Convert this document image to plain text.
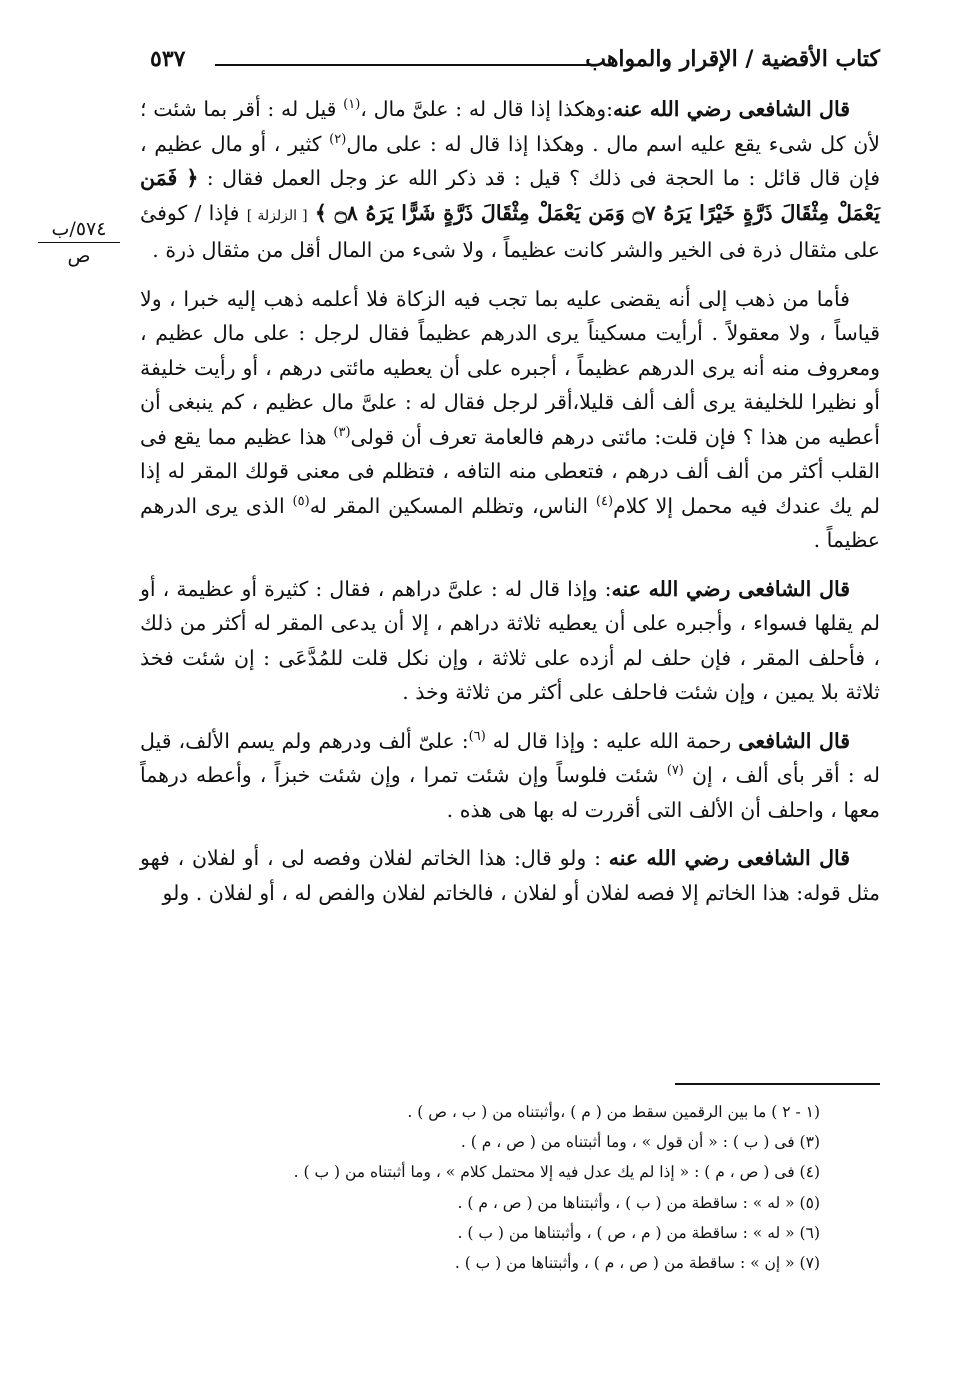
كتاب الأقضية / الإقرار والمواهب
٥٣٧
٥٧٤/ب
ص

قال الشافعى رضي الله عنه:وهكذا إذا قال له : علىَّ مال ،$^{(١)}$ قيل له : أقر بما شئت ؛ لأن كل شىء يقع عليه اسم مال . وهكذا إذا قال له : على مال$^{(٢)}$ كثير ، أو مال عظيم ، فإن قال قائل : ما الحجة فى ذلك ؟ قيل : قد ذكر الله عز وجل العمل فقال : ﴿ فَمَن يَعْمَلْ مِثْقَالَ ذَرَّةٍ خَيْرًا يَرَهُ ۝٧ وَمَن يَعْمَلْ مِثْقَالَ ذَرَّةٍ شَرًّا يَرَهُ ۝٨ ﴾ [ الزلزلة ] فإذا / كوفئ على مثقال ذرة فى الخير والشر كانت عظيماً ، ولا شىء من المال أقل من مثقال ذرة .

فأما من ذهب إلى أنه يقضى عليه بما تجب فيه الزكاة فلا أعلمه ذهب إليه خبرا ، ولا قياساً ، ولا معقولاً . أرأيت مسكيناً يرى الدرهم عظيماً فقال لرجل : على مال عظيم ، ومعروف منه أنه يرى الدرهم عظيماً ، أجبره على أن يعطيه مائتى درهم ، أو رأيت خليفة أو نظيرا للخليفة يرى ألف ألف قليلا،أقر لرجل فقال له : علىَّ مال عظيم ، كم ينبغى أن أعطيه من هذا ؟ فإن قلت: مائتى درهم فالعامة تعرف أن قولى$^{(٣)}$ هذا عظيم مما يقع فى القلب أكثر من ألف ألف درهم ، فتعطى منه التافه ، فتظلم فى معنى قولك المقر له إذا لم يك عندك فيه محمل إلا كلام$^{(٤)}$ الناس، وتظلم المسكين المقر له$^{(٥)}$ الذى يرى الدرهم عظيماً .

قال الشافعى رضي الله عنه: وإذا قال له : علىَّ دراهم ، فقال : كثيرة أو عظيمة ، أو لم يقلها فسواء ، وأجبره على أن يعطيه ثلاثة دراهم ، إلا أن يدعى المقر له أكثر من ذلك ، فأحلف المقر ، فإن حلف لم أزده على ثلاثة ، وإن نكل قلت للمُدَّعَى : إن شئت فخذ ثلاثة بلا يمين ، وإن شئت فاحلف على أكثر من ثلاثة وخذ .

قال الشافعى رحمة الله عليه : وإذا قال له $^{(٦)}$: علىّ ألف ودرهم ولم يسم الألف، قيل له : أقر بأى ألف ، إن $^{(٧)}$ شئت فلوساً وإن شئت تمرا ، وإن شئت خبزاً ، وأعطه درهماً معها ، واحلف أن الألف التى أقررت له بها هى هذه .

قال الشافعى رضي الله عنه : ولو قال: هذا الخاتم لفلان وفصه لى ، أو لفلان ، فهو مثل قوله: هذا الخاتم إلا فصه لفلان أو لفلان ، فالخاتم لفلان والفص له ، أو لفلان . ولو

(١ - ٢ ) ما بين الرقمين سقط من ( م ) ،وأثبتناه من ( ب ، ص ) .
(٣) فى ( ب ) : « أن قول » ، وما أثبتناه من ( ص ، م ) .
(٤) فى ( ص ، م ) : « إذا لم يك عدل فيه إلا محتمل كلام » ، وما أثبتناه من ( ب ) .
(٥) « له » : ساقطة من ( ب ) ، وأثبتناها من ( ص ، م ) .
(٦) « له » : ساقطة من ( م ، ص ) ، وأثبتناها من ( ب ) .
(٧) « إن » : ساقطة من ( ص ، م ) ، وأثبتناها من ( ب ) .
